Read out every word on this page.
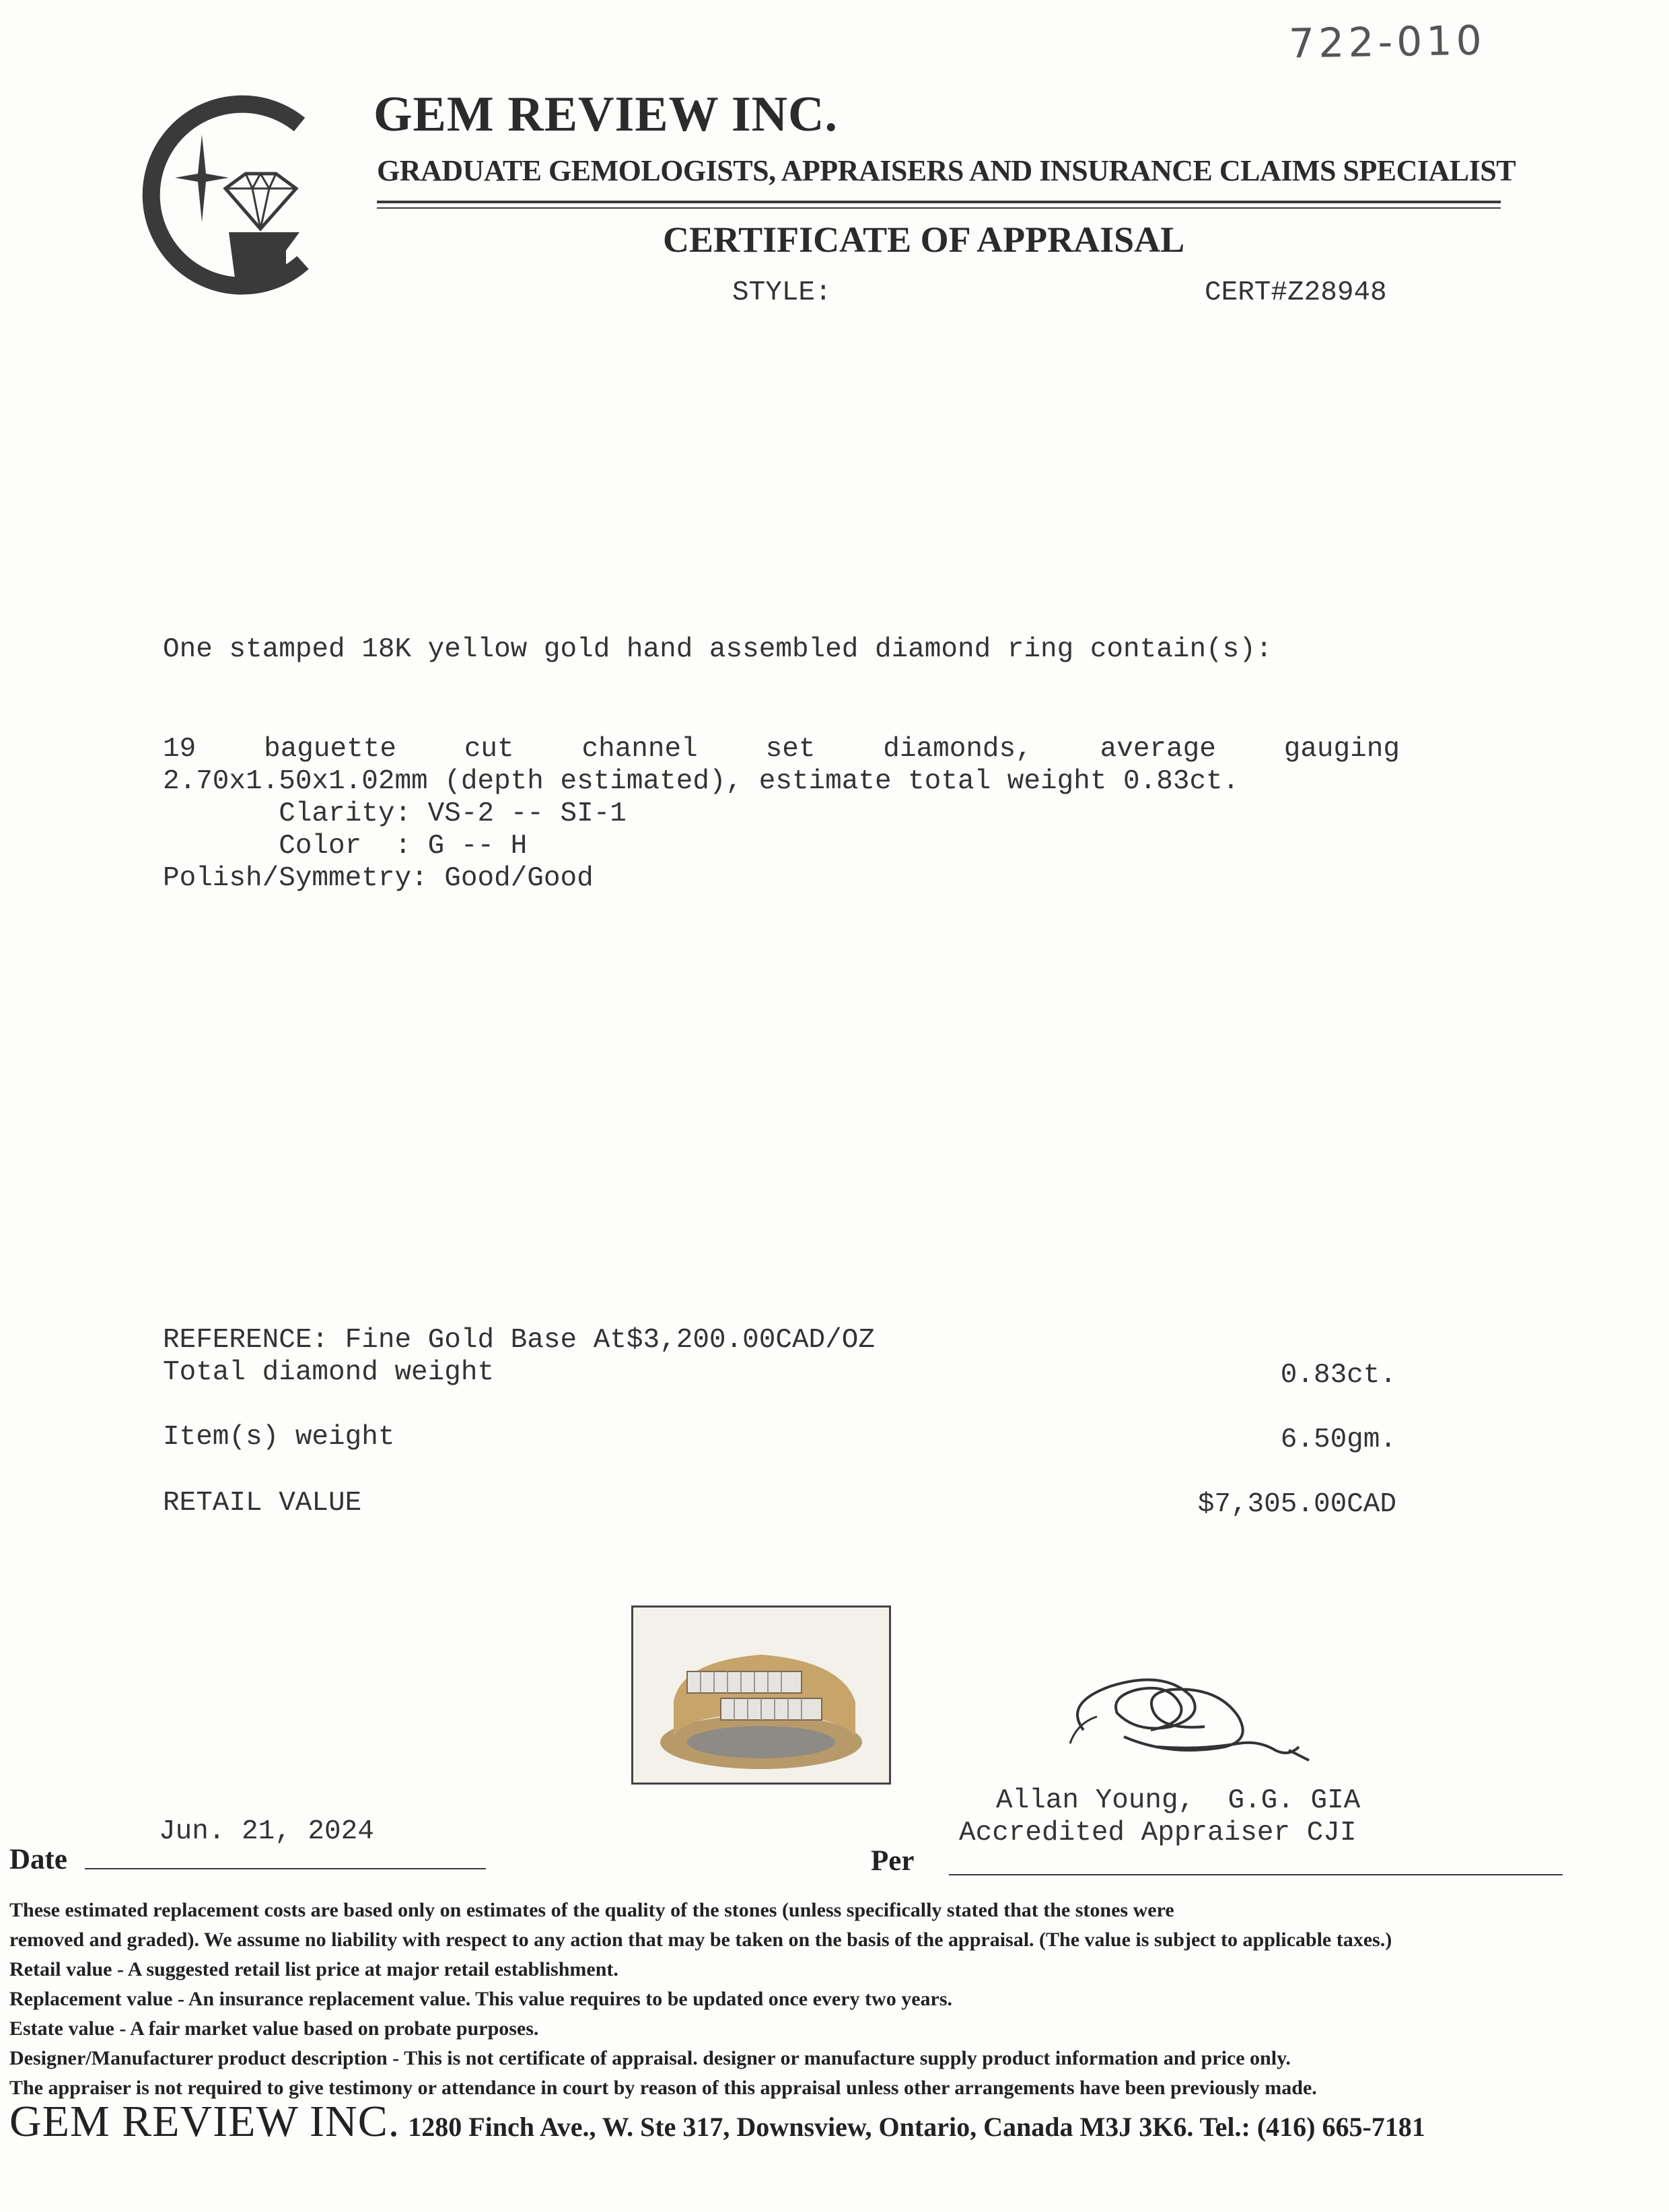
722-010
GEM REVIEW INC.
GRADUATE GEMOLOGISTS, APPRAISERS AND INSURANCE CLAIMS SPECIALIST
CERTIFICATE OF APPRAISAL
STYLE:	CERT#Z28948
One stamped 18K yellow gold hand assembled diamond ring contain(s):
19 baguette cut channel set diamonds, average gauging
2.70x1.50x1.02mm (depth estimated), estimate total weight 0.83ct.
Clarity: VS-2 -- SI-1
Color  : G -- H
Polish/Symmetry: Good/Good
REFERENCE: Fine Gold Base At$3,200.00CAD/OZ
Total diamond weight	0.83ct.
Item(s) weight	6.50gm.
RETAIL VALUE	$7,305.00CAD
Allan Young,  G.G. GIA
Accredited Appraiser CJI
Jun. 21, 2024
Date	Per
These estimated replacement costs are based only on estimates of the quality of the stones (unless specifically stated that the stones were
removed and graded). We assume no liability with respect to any action that may be taken on the basis of the appraisal. (The value is subject to applicable taxes.)
Retail value - A suggested retail list price at major retail establishment.
Replacement value - An insurance replacement value. This value requires to be updated once every two years.
Estate value - A fair market value based on probate purposes.
Designer/Manufacturer product description - This is not certificate of appraisal. designer or manufacture supply product information and price only.
The appraiser is not required to give testimony or attendance in court by reason of this appraisal unless other arrangements have been previously made.
GEM REVIEW INC. 1280 Finch Ave., W. Ste 317, Downsview, Ontario, Canada M3J 3K6. Tel.: (416) 665-7181
